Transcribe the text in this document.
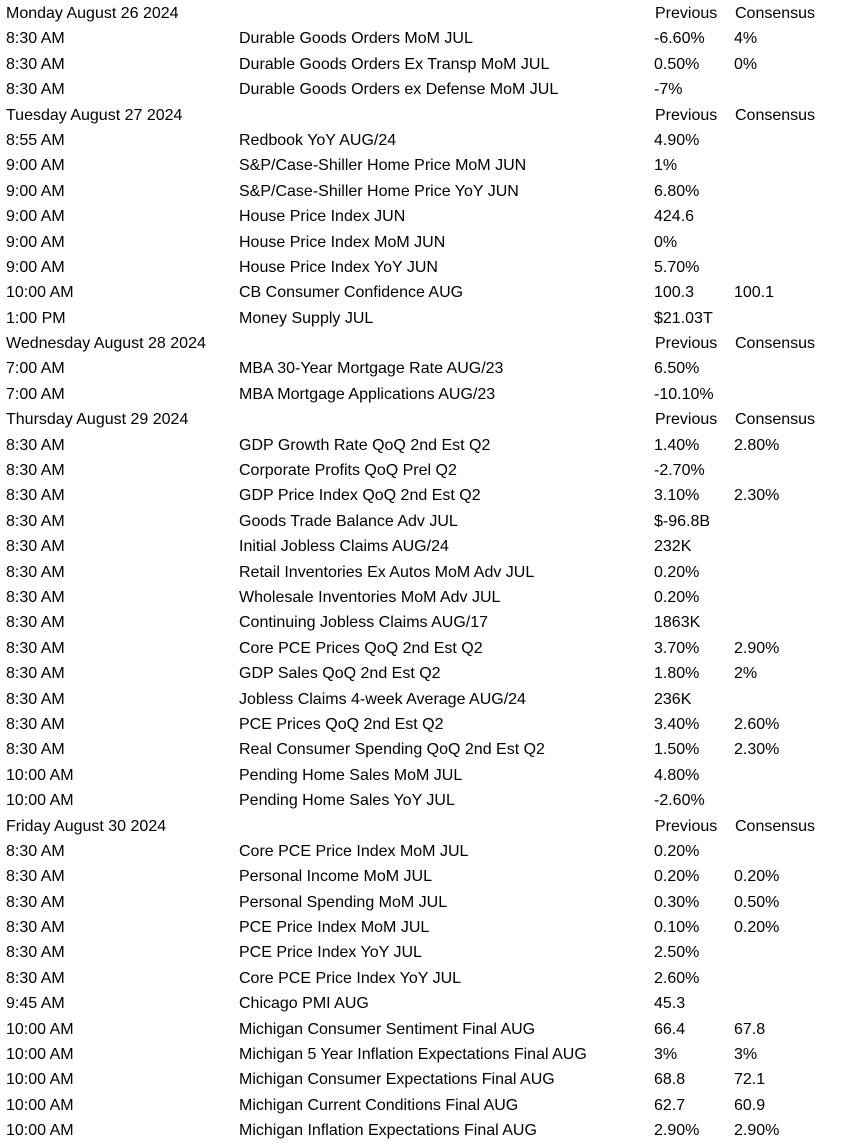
Monday August 26 2024	Previous Consensus
8:30 AM	Durable Goods Orders MoM JUL	-6.60% 4%
8:30 AM	Durable Goods Orders Ex Transp MoM JUL	0.50% 0%
8:30 AM	Durable Goods Orders ex Defense MoM JUL	-7%
Tuesday August 27 2024	Previous Consensus
8:55 AM	Redbook YoY AUG/24	4.90%
9:00 AM	S&P/Case-Shiller Home Price MoM JUN	1%
9:00 AM	S&P/Case-Shiller Home Price YoY JUN	6.80%
9:00 AM	House Price Index JUN	424.6
9:00 AM	House Price Index MoM JUN	0%
9:00 AM	House Price Index YoY JUN	5.70%
10:00 AM	CB Consumer Confidence AUG	100.3 100.1
1:00 PM	Money Supply JUL	$21.03T
Wednesday August 28 2024	Previous Consensus
7:00 AM	MBA 30-Year Mortgage Rate AUG/23	6.50%
7:00 AM	MBA Mortgage Applications AUG/23	-10.10%
Thursday August 29 2024	Previous Consensus
8:30 AM	GDP Growth Rate QoQ 2nd Est Q2	1.40% 2.80%
8:30 AM	Corporate Profits QoQ Prel Q2	-2.70%
8:30 AM	GDP Price Index QoQ 2nd Est Q2	3.10% 2.30%
8:30 AM	Goods Trade Balance Adv JUL	$-96.8B
8:30 AM	Initial Jobless Claims AUG/24	232K
8:30 AM	Retail Inventories Ex Autos MoM Adv JUL	0.20%
8:30 AM	Wholesale Inventories MoM Adv JUL	0.20%
8:30 AM	Continuing Jobless Claims AUG/17	1863K
8:30 AM	Core PCE Prices QoQ 2nd Est Q2	3.70% 2.90%
8:30 AM	GDP Sales QoQ 2nd Est Q2	1.80% 2%
8:30 AM	Jobless Claims 4-week Average AUG/24	236K
8:30 AM	PCE Prices QoQ 2nd Est Q2	3.40% 2.60%
8:30 AM	Real Consumer Spending QoQ 2nd Est Q2	1.50% 2.30%
10:00 AM	Pending Home Sales MoM JUL	4.80%
10:00 AM	Pending Home Sales YoY JUL	-2.60%
Friday August 30 2024	Previous Consensus
8:30 AM	Core PCE Price Index MoM JUL	0.20%
8:30 AM	Personal Income MoM JUL	0.20% 0.20%
8:30 AM	Personal Spending MoM JUL	0.30% 0.50%
8:30 AM	PCE Price Index MoM JUL	0.10% 0.20%
8:30 AM	PCE Price Index YoY JUL	2.50%
8:30 AM	Core PCE Price Index YoY JUL	2.60%
9:45 AM	Chicago PMI AUG	45.3
10:00 AM	Michigan Consumer Sentiment Final AUG	66.4	67.8
10:00 AM	Michigan 5 Year Inflation Expectations Final AUG	3%	3%
10:00 AM	Michigan Consumer Expectations Final AUG	68.8	72.1
10:00 AM	Michigan Current Conditions Final AUG	62.7	60.9
10:00 AM	Michigan Inflation Expectations Final AUG	2.90% 2.90%
